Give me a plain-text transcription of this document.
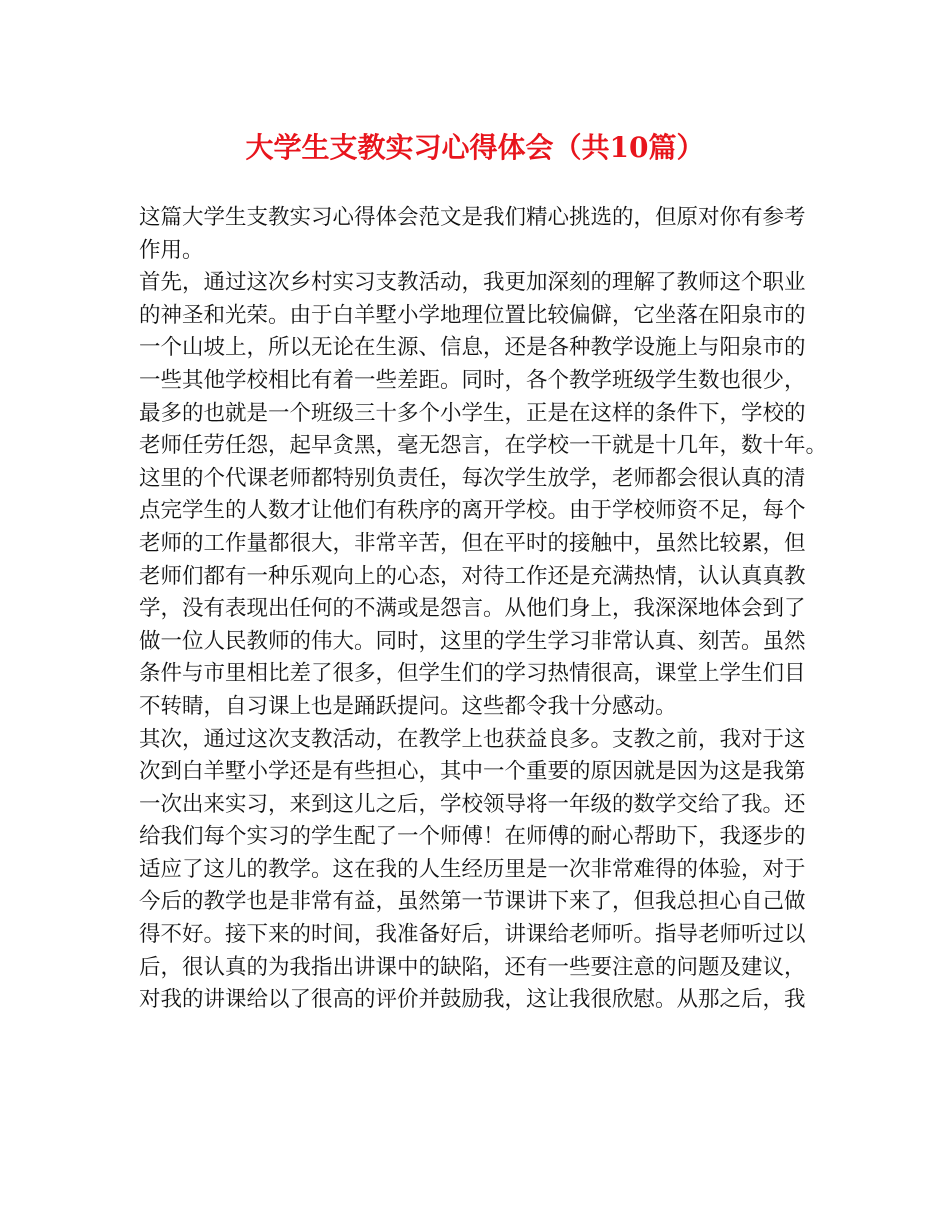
大学生支教实习心得体会（共10篇）
这篇大学生支教实习心得体会范文是我们精心挑选的，但原对你有参考
作用。
首先，通过这次乡村实习支教活动，我更加深刻的理解了教师这个职业
的神圣和光荣。由于白羊墅小学地理位置比较偏僻，它坐落在阳泉市的
一个山坡上，所以无论在生源、信息，还是各种教学设施上与阳泉市的
一些其他学校相比有着一些差距。同时，各个教学班级学生数也很少，
最多的也就是一个班级三十多个小学生，正是在这样的条件下，学校的
老师任劳任怨，起早贪黑，毫无怨言，在学校一干就是十几年，数十年。
这里的个代课老师都特别负责任，每次学生放学，老师都会很认真的清
点完学生的人数才让他们有秩序的离开学校。由于学校师资不足，每个
老师的工作量都很大，非常辛苦，但在平时的接触中，虽然比较累，但
老师们都有一种乐观向上的心态，对待工作还是充满热情，认认真真教
学，没有表现出任何的不满或是怨言。从他们身上，我深深地体会到了
做一位人民教师的伟大。同时，这里的学生学习非常认真、刻苦。虽然
条件与市里相比差了很多，但学生们的学习热情很高，课堂上学生们目
不转睛，自习课上也是踊跃提问。这些都令我十分感动。
其次，通过这次支教活动，在教学上也获益良多。支教之前，我对于这
次到白羊墅小学还是有些担心，其中一个重要的原因就是因为这是我第
一次出来实习，来到这儿之后，学校领导将一年级的数学交给了我。还
给我们每个实习的学生配了一个师傅！在师傅的耐心帮助下，我逐步的
适应了这儿的教学。这在我的人生经历里是一次非常难得的体验，对于
今后的教学也是非常有益，虽然第一节课讲下来了，但我总担心自己做
得不好。接下来的时间，我准备好后，讲课给老师听。指导老师听过以
后，很认真的为我指出讲课中的缺陷，还有一些要注意的问题及建议，
对我的讲课给以了很高的评价并鼓励我，这让我很欣慰。从那之后，我
